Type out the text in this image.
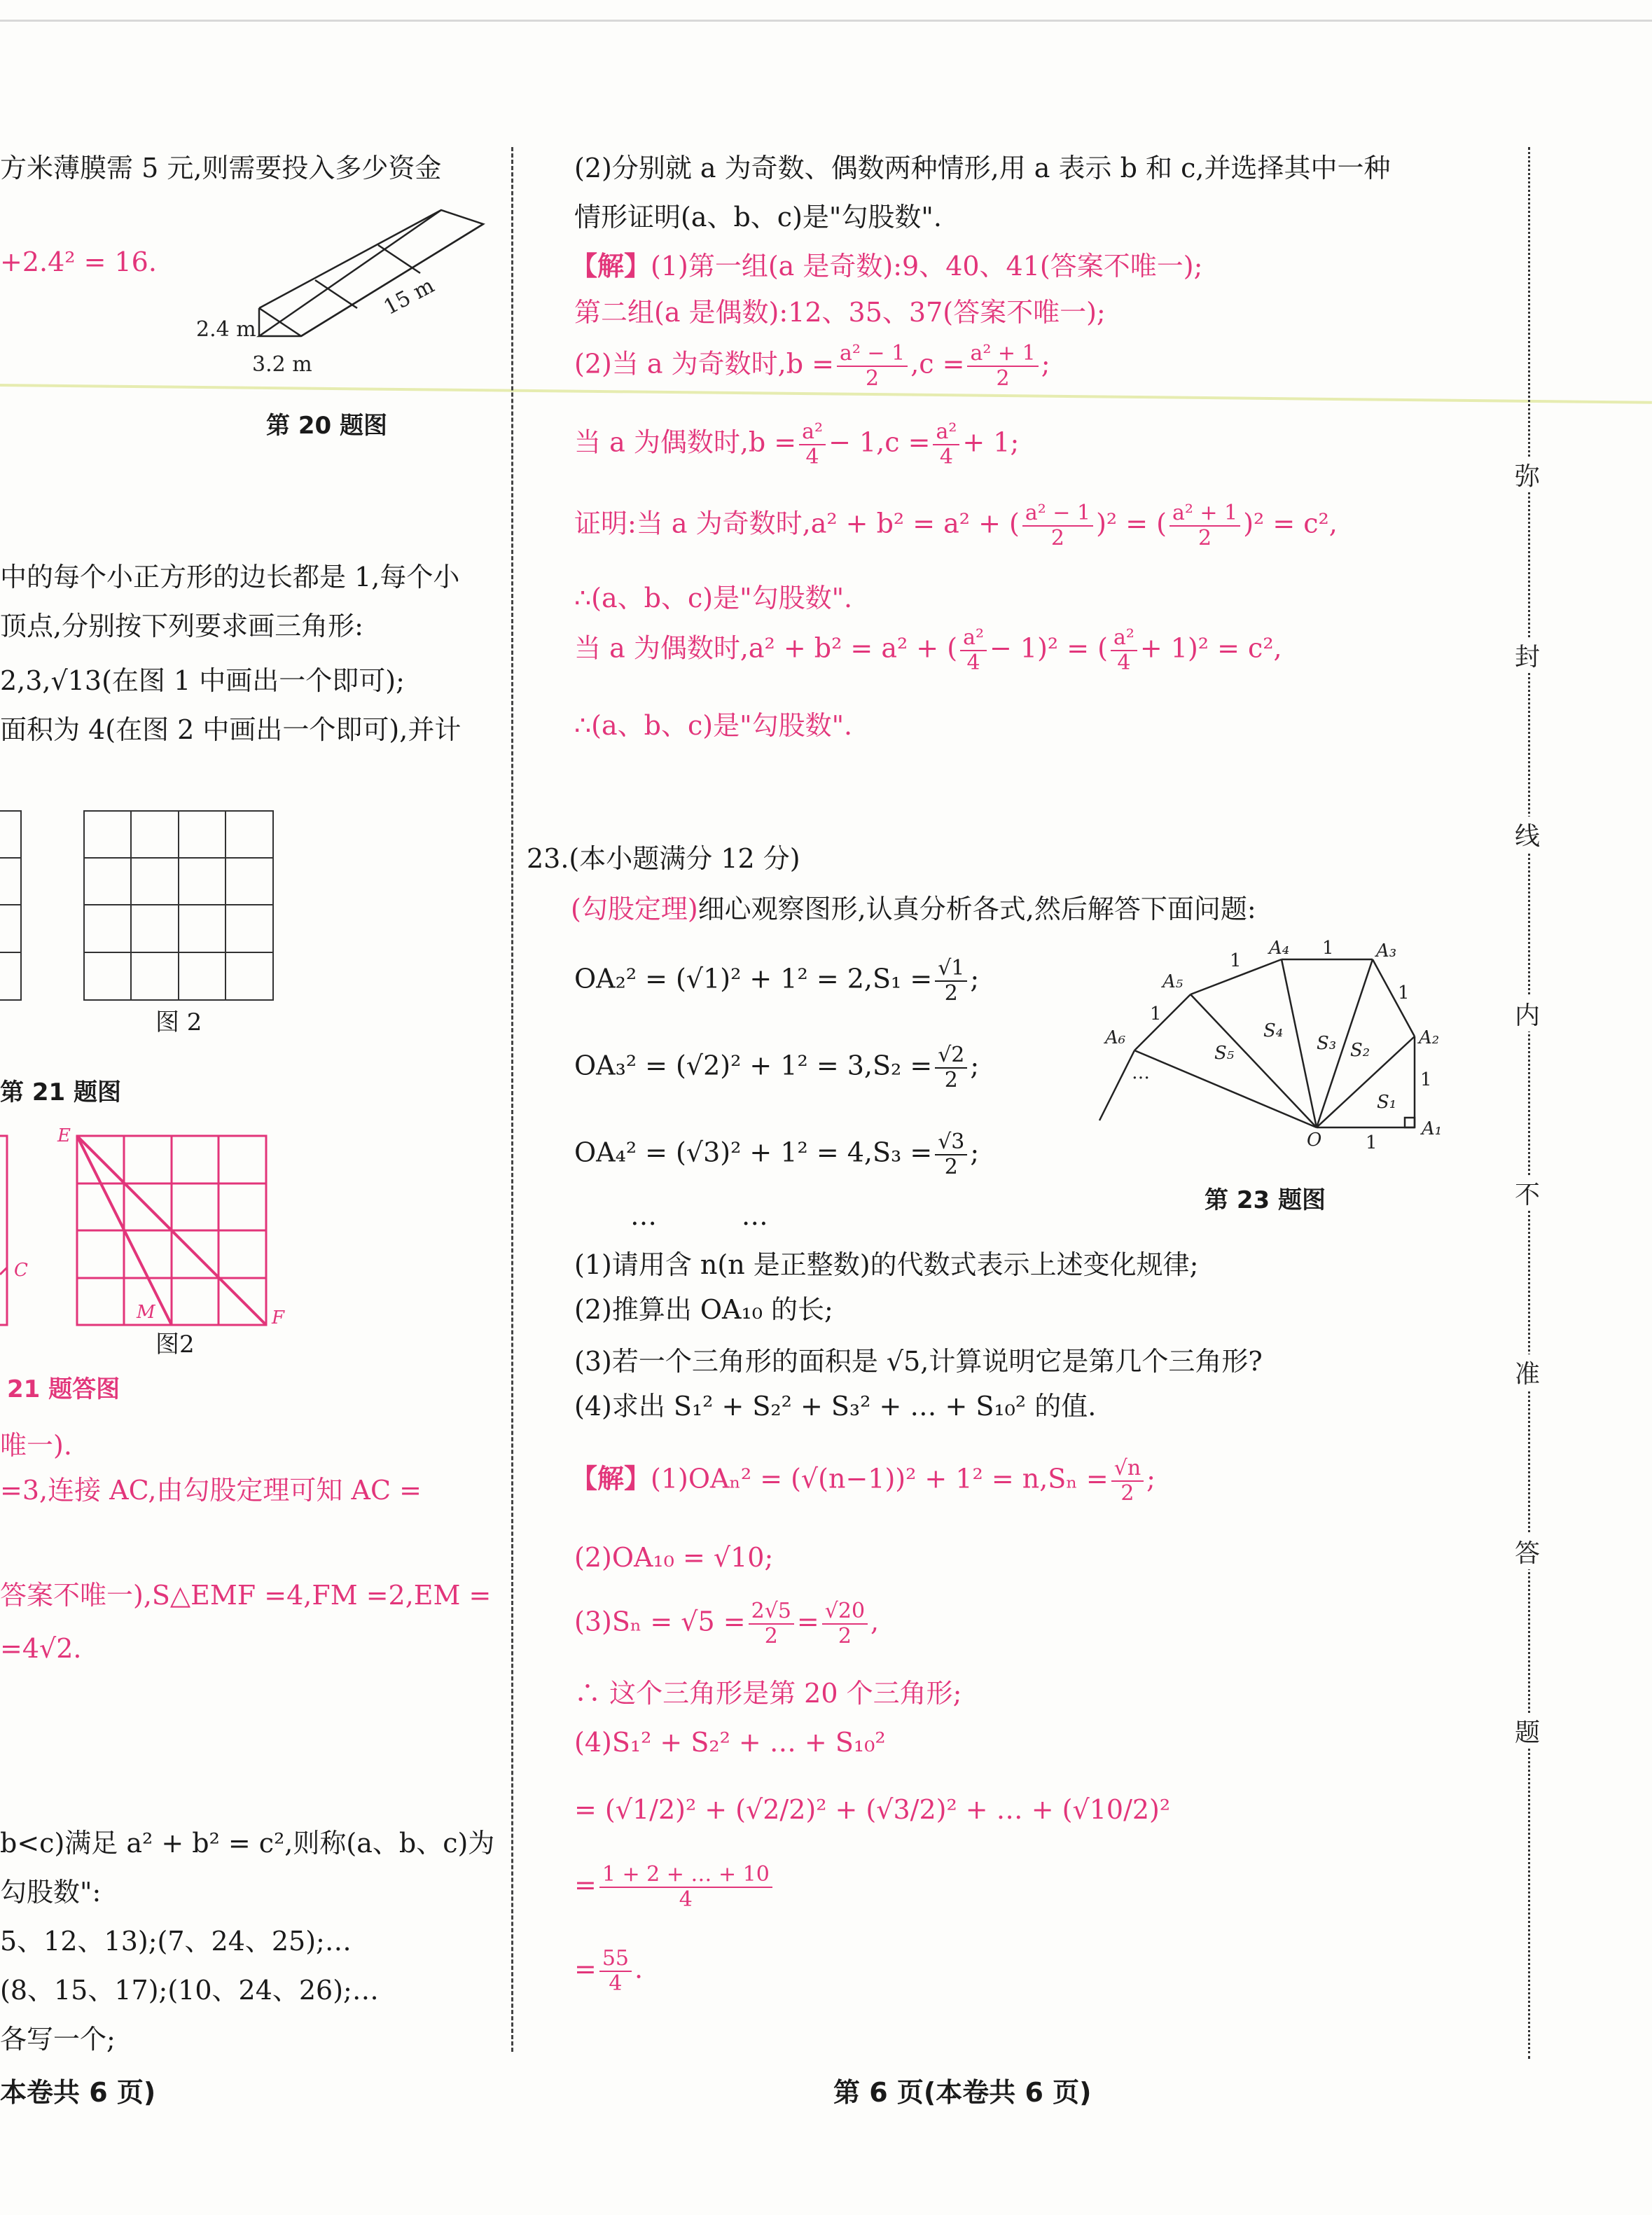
方米薄膜需 5 元,则需要投入多少资金
+2.4² = 16.
2.4 m
3.2 m
15 m
第 20 题图
中的每个小正方形的边长都是 1,每个小
顶点,分别按下列要求画三角形:
2,3,√13(在图 1 中画出一个即可);
面积为 4(在图 2 中画出一个即可),并计
图 2
第 21 题图
E
M	F
C
图2
21 题答图
唯一).
=3,连接 AC,由勾股定理可知 AC =
答案不唯一),S△EMF =4,FM =2,EM =
=4√2.
b<c)满足 a² + b² = c²,则称(a、b、c)为
勾股数":
5、12、13);(7、24、25);…
(8、15、17);(10、24、26);…
各写一个;
本卷共 6 页)
(2)分别就 a 为奇数、偶数两种情形,用 a 表示 b 和 c,并选择其中一种
情形证明(a、b、c)是"勾股数".
【解】(1)第一组(a 是奇数):9、40、41(答案不唯一);
第二组(a 是偶数):12、35、37(答案不唯一);
(2)当 a 为奇数时$,b = \frac{\text{a² − 1}}{2} ,c = \frac{\text{a² + 1}}{2}$ ;
当 a 为偶数时$,b = \frac{\text{a²}}{4} - 1,c = \frac{\text{a²}}{4} + 1$;
证明:当 a 为奇数时,a² + b² = a² + ( $\frac{\text{a² − 1}}{2} )^2$ = ( $\frac{\text{a² + 1}}{2} )^2 = c^2$,
∴(a、b、c)是"勾股数".
当 a 为偶数时,a² + b² = a² + ( $\frac{\text{a²}}{4} - 1)^2$ = ( $\frac{\text{a²}}{4} + 1)^2 = c^2$,
∴(a、b、c)是"勾股数".
23.(本小题满分 12 分)
(勾股定理)细心观察图形,认真分析各式,然后解答下面问题:
$OA_2^2 = (√1)^2 + 1^2 = 2,S_1 = \frac{√1}{2}$ ;
$OA_3^2 = (√2)^2 + 1^2 = 3,S_2 = \frac{√2}{2}$ ;
$OA_4^2 = (√3)^2 + 1^2 = 4,S_3 = \frac{√3}{2}$ ;
…          …
A₁
A₂
A₃
A₄
A₅
A₆
O
S₁
S₂
S₃
S₄
S₅
1
1
1
1
1
1
…
第 23 题图
(1)请用含 n(n 是正整数)的代数式表示上述变化规律;
(2)推算出 OA₁₀ 的长;
(3)若一个三角形的面积是 √5,计算说明它是第几个三角形?
(4)求出 S₁² + S₂² + S₃² + … + S₁₀² 的值.
【解】$(1)OA_n^2 = (√(n-1))^2 + 1^2 = n,S_n = \frac{√n}{2}$ ;
(2)OA₁₀ = √10;
$(3)S_n = √5 = \frac{2√5}{2} = \frac{√20}{2}$ ,
∴ 这个三角形是第 20 个三角形;
(4)S₁² + S₂² + … + S₁₀²
= (√1/2)² + (√2/2)² + (√3/2)² + … + (√10/2)²
= $\frac{1 + 2 + \dots + 10}{4}$
= $\frac{55}{4}$ .
第 6 页(本卷共 6 页)
弥
封
线
内
不
准
答
题
